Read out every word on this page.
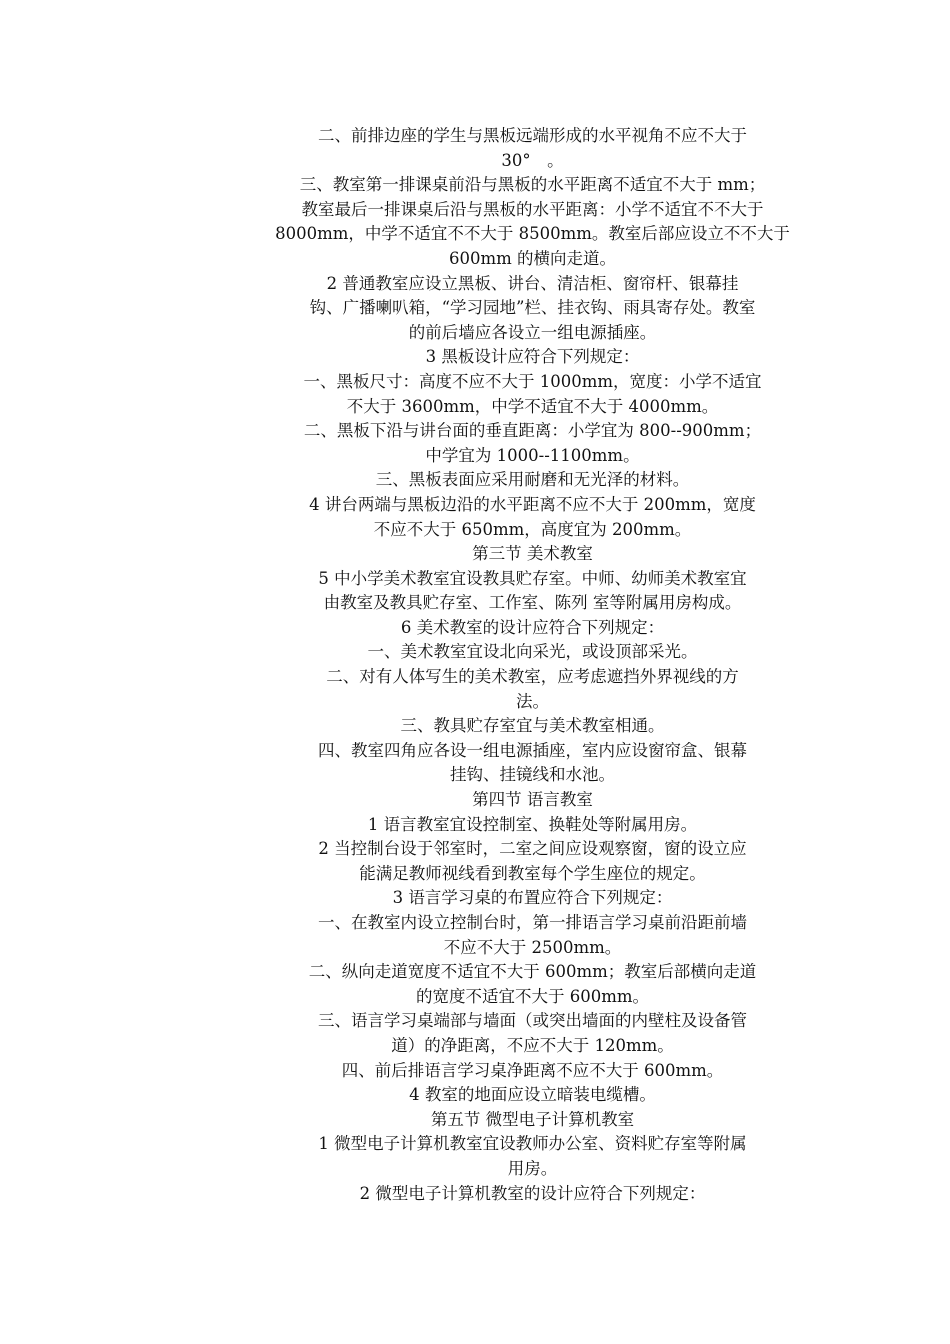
二、前排边座的学生与黑板远端形成的水平视角不应不大于

30°　。

三、教室第一排课桌前沿与黑板的水平距离不适宜不大于 mm；

教室最后一排课桌后沿与黑板的水平距离：小学不适宜不不大于

8000mm，中学不适宜不不大于 8500mm。教室后部应设立不不大于

600mm 的横向走道。

2 普通教室应设立黑板、讲台、清洁柜、窗帘杆、银幕挂

钩、广播喇叭箱，“学习园地”栏、挂衣钩、雨具寄存处。教室

的前后墙应各设立一组电源插座。

3 黑板设计应符合下列规定：

一、黑板尺寸：高度不应不大于 1000mm，宽度：小学不适宜

不大于 3600mm，中学不适宜不大于 4000mm。

二、黑板下沿与讲台面的垂直距离：小学宜为 800--900mm；

中学宜为 1000--1100mm。

三、黑板表面应采用耐磨和无光泽的材料。

4 讲台两端与黑板边沿的水平距离不应不大于 200mm，宽度

不应不大于 650mm，高度宜为 200mm。

第三节 美术教室

5 中小学美术教室宜设教具贮存室。中师、幼师美术教室宜

由教室及教具贮存室、工作室、陈列 室等附属用房构成。

6 美术教室的设计应符合下列规定：

一、美术教室宜设北向采光，或设顶部采光。

二、对有人体写生的美术教室，应考虑遮挡外界视线的方

法。

三、教具贮存室宜与美术教室相通。

四、教室四角应各设一组电源插座，室内应设窗帘盒、银幕

挂钩、挂镜线和水池。

第四节 语言教室

1 语言教室宜设控制室、换鞋处等附属用房。

2 当控制台设于邻室时，二室之间应设观察窗，窗的设立应

能满足教师视线看到教室每个学生座位的规定。

3 语言学习桌的布置应符合下列规定：

一、在教室内设立控制台时，第一排语言学习桌前沿距前墙

不应不大于 2500mm。

二、纵向走道宽度不适宜不大于 600mm；教室后部横向走道

的宽度不适宜不大于 600mm。

三、语言学习桌端部与墙面（或突出墙面的内壁柱及设备管

道）的净距离，不应不大于 120mm。

四、前后排语言学习桌净距离不应不大于 600mm。

4 教室的地面应设立暗装电缆槽。

第五节 微型电子计算机教室

1 微型电子计算机教室宜设教师办公室、资料贮存室等附属

用房。

2 微型电子计算机教室的设计应符合下列规定：
